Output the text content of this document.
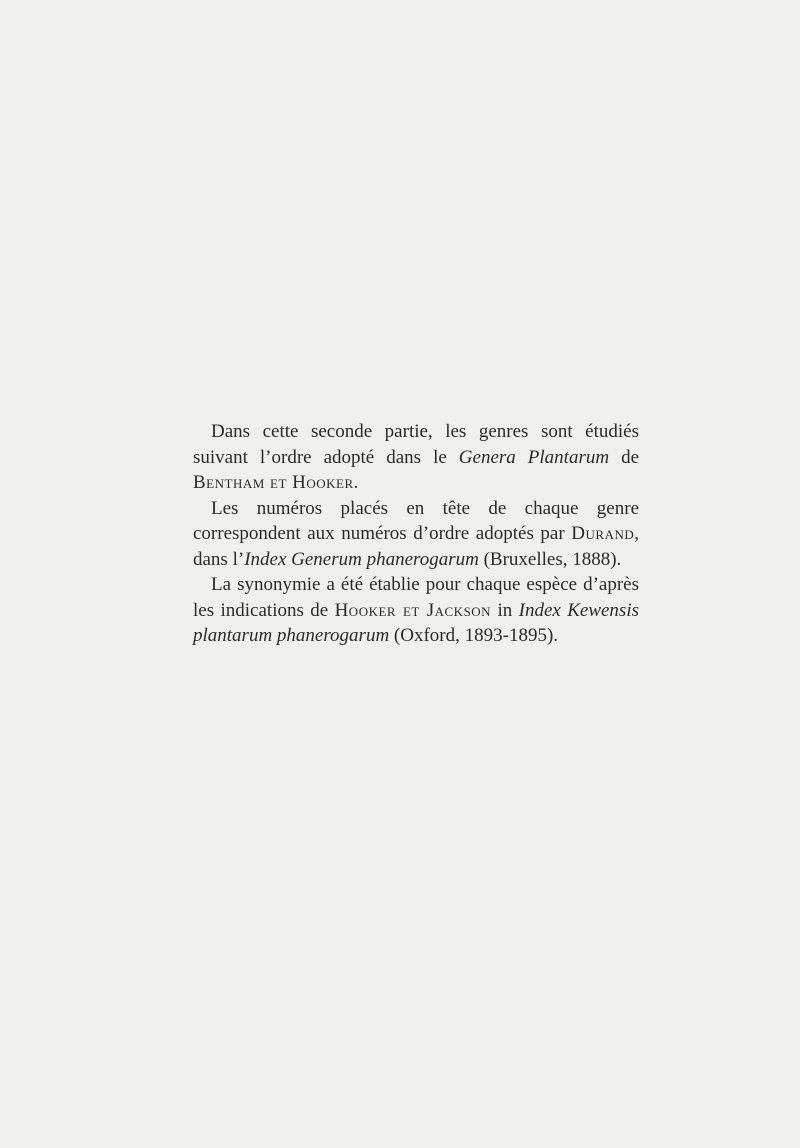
Dans cette seconde partie, les genres sont étudiés suivant l’ordre adopté dans le Genera Plantarum de Bentham et Hooker.

Les numéros placés en tête de chaque genre correspondent aux numéros d’ordre adoptés par Durand, dans l’Index Generum phanerogarum (Bruxelles, 1888).

La synonymie a été établie pour chaque espèce d’après les indications de Hooker et Jackson in Index Kewensis plantarum phanerogarum (Oxford, 1893-1895).
